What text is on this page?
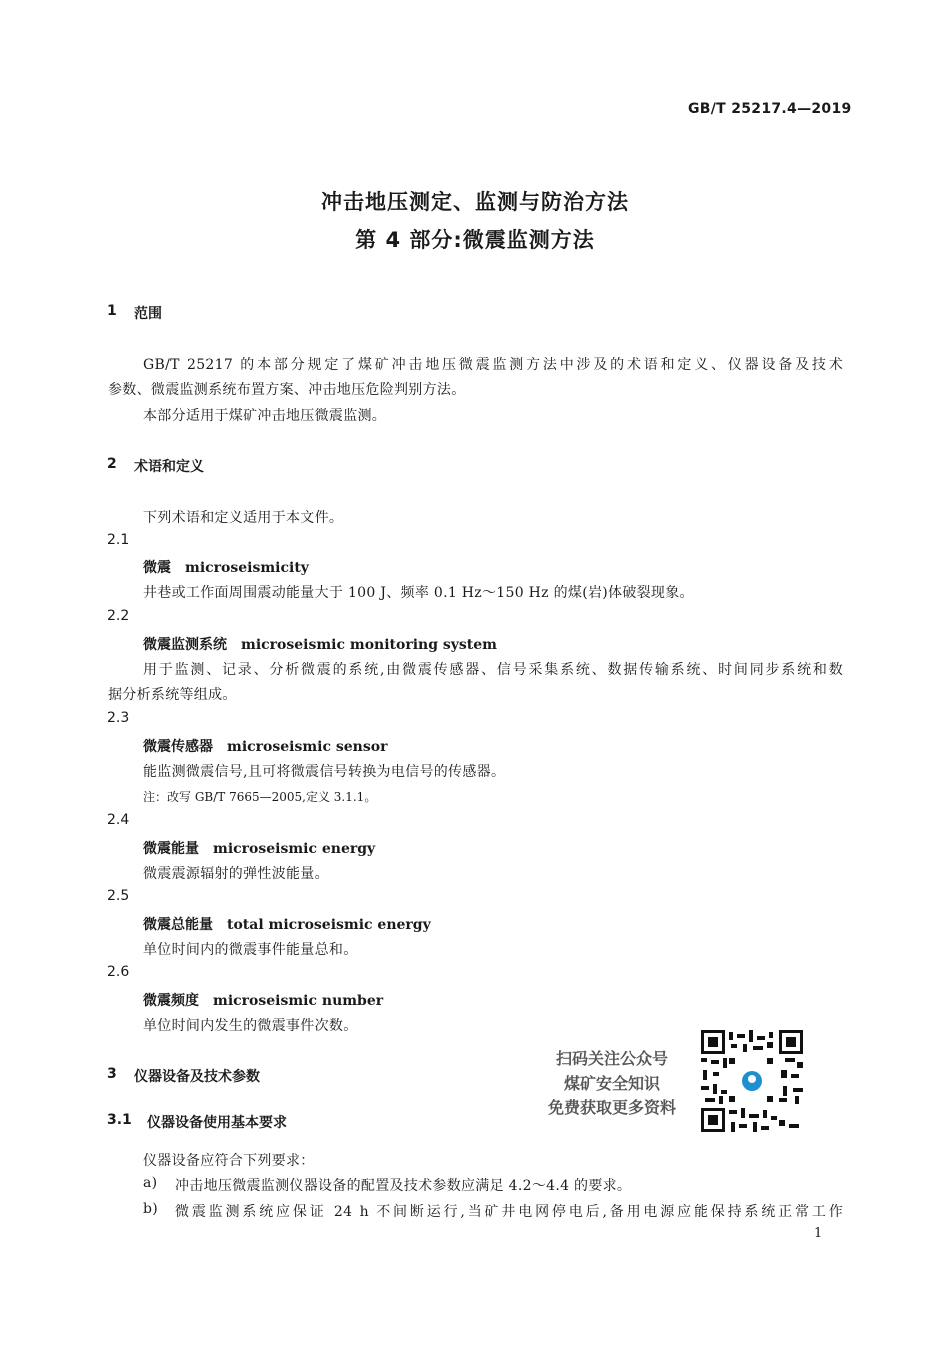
GB/T 25217.4—2019
冲击地压测定、监测与防治方法
第 4 部分:微震监测方法
1 范围
GB/T 25217 的本部分规定了煤矿冲击地压微震监测方法中涉及的术语和定义、仪器设备及技术
参数、微震监测系统布置方案、冲击地压危险判别方法。
本部分适用于煤矿冲击地压微震监测。
2 术语和定义
下列术语和定义适用于本文件。
2.1
微震 microseismicity
井巷或工作面周围震动能量大于 100 J、频率 0.1 Hz～150 Hz 的煤(岩)体破裂现象。
2.2
微震监测系统 microseismic monitoring system
用于监测、记录、分析微震的系统,由微震传感器、信号采集系统、数据传输系统、时间同步系统和数
据分析系统等组成。
2.3
微震传感器 microseismic sensor
能监测微震信号,且可将微震信号转换为电信号的传感器。
注：改写 GB/T 7665—2005,定义 3.1.1。
2.4
微震能量 microseismic energy
微震震源辐射的弹性波能量。
2.5
微震总能量 total microseismic energy
单位时间内的微震事件能量总和。
2.6
微震频度 microseismic number
单位时间内发生的微震事件次数。
3 仪器设备及技术参数
3.1 仪器设备使用基本要求
仪器设备应符合下列要求：
a) 冲击地压微震监测仪器设备的配置及技术参数应满足 4.2～4.4 的要求。
b) 微震监测系统应保证 24 h 不间断运行,当矿井电网停电后,备用电源应能保持系统正常工作
扫码关注公众号
煤矿安全知识
免费获取更多资料
1
